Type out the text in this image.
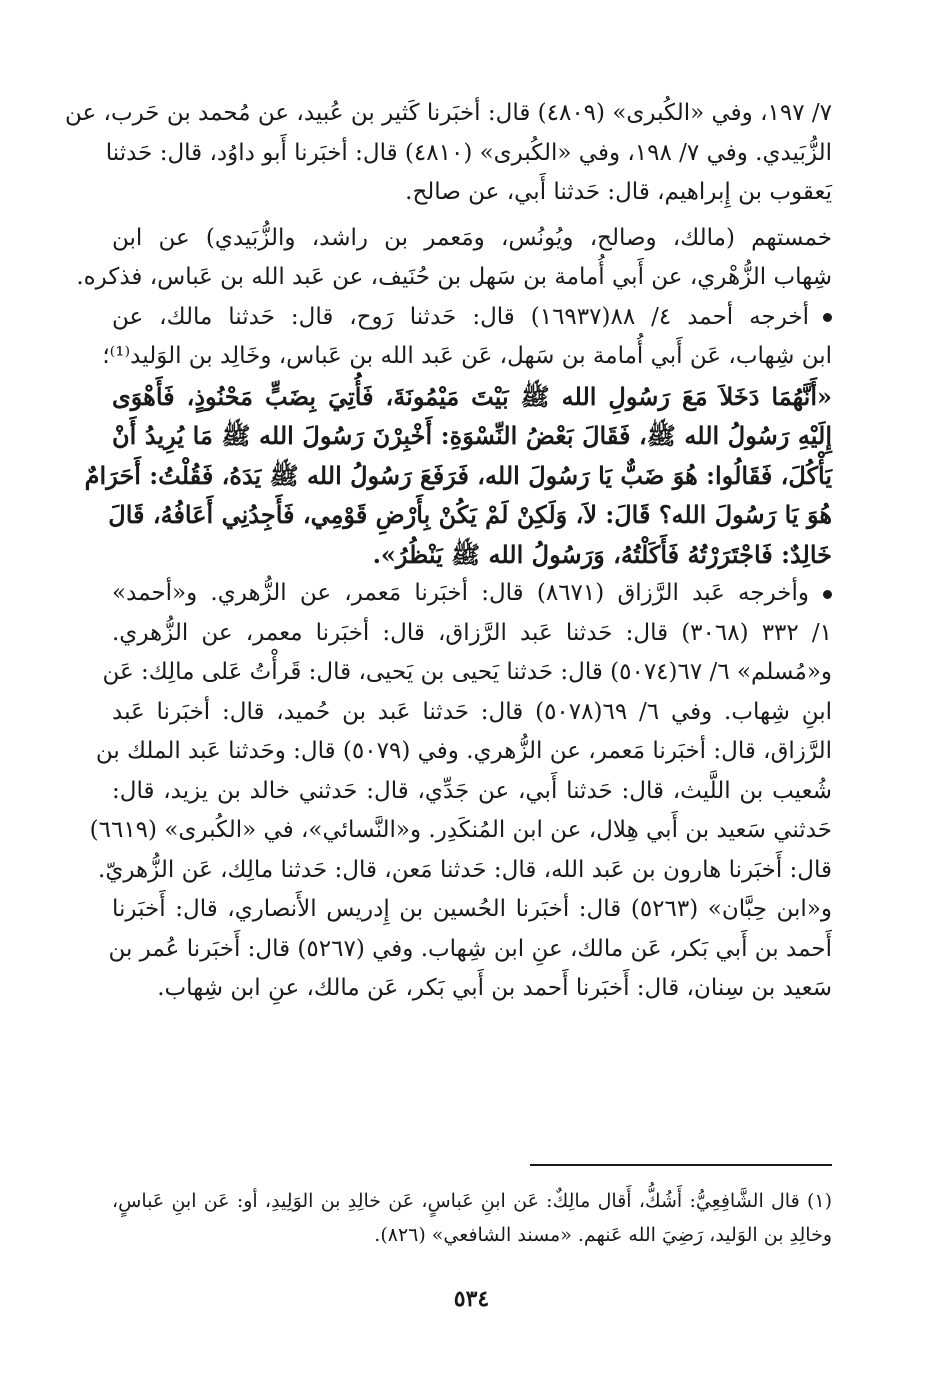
٧/ ١٩٧، وفي «الكُبرى» (٤٨٠٩) قال: أخبَرنا كَثير بن عُبيد، عن مُحمد بن حَرب، عن
الزُّبَيدي. وفي ٧/ ١٩٨، وفي «الكُبرى» (٤٨١٠) قال: أخبَرنا أَبو داوُد، قال: حَدثنا
يَعقوب بن إِبراهيم، قال: حَدثنا أَبي، عن صالح.
خمستهم (مالك، وصالح، ويُونُس، ومَعمر بن راشد، والزُّبَيدي) عن ابن
شِهاب الزُّهْري، عن أَبي أُمامة بن سَهل بن حُنَيف، عن عَبد الله بن عَباس، فذكره.
أخرجه أحمد ٤/ ٨٨(١٦٩٣٧) قال: حَدثنا رَوح، قال: حَدثنا مالك، عن
ابن شِهاب، عَن أَبي أُمامة بن سَهل، عَن عَبد الله بن عَباس، وخَالِد بن الوَليد⁽¹⁾؛
«أَنَّهُمَا دَخَلاَ مَعَ رَسُولِ الله ﷺ بَيْتَ مَيْمُونَةَ، فَأُتِيَ بِضَبٍّ مَحْنُوذٍ، فَأَهْوَى
إِلَيْهِ رَسُولُ الله ﷺ، فَقَالَ بَعْضُ النِّسْوَةِ: أَخْبِرْنَ رَسُولَ الله ﷺ مَا يُرِيدُ أَنْ
يَأْكُلَ، فَقَالُوا: هُوَ ضَبٌّ يَا رَسُولَ الله، فَرَفَعَ رَسُولُ الله ﷺ يَدَهُ، فَقُلْتُ: أَحَرَامٌ
هُوَ يَا رَسُولَ الله؟ قَالَ: لاَ، وَلَكِنْ لَمْ يَكُنْ بِأَرْضِ قَوْمِي، فَأَجِدُنِي أَعَافُهُ، قَالَ
خَالِدٌ: فَاجْتَرَرْتُهُ فَأَكَلْتُهُ، وَرَسُولُ الله ﷺ يَنْظُرُ».
وأخرجه عَبد الرَّزاق (٨٦٧١) قال: أخبَرنا مَعمر، عن الزُّهري. و«أحمد»
١/ ٣٣٢ (٣٠٦٨) قال: حَدثنا عَبد الرَّزاق، قال: أخبَرنا معمر، عن الزُّهري.
و«مُسلم» ٦/ ٦٧(٥٠٧٤) قال: حَدثنا يَحيى بن يَحيى، قال: قَرأْتُ عَلى مالِك: عَن
ابنِ شِهاب. وفي ٦/ ٦٩(٥٠٧٨) قال: حَدثنا عَبد بن حُميد، قال: أخبَرنا عَبد
الرَّزاق، قال: أخبَرنا مَعمر، عن الزُّهري. وفي (٥٠٧٩) قال: وحَدثنا عَبد الملك بن
شُعيب بن اللَّيث، قال: حَدثنا أَبي، عن جَدِّي، قال: حَدثني خالد بن يزيد، قال:
حَدثني سَعيد بن أَبي هِلال، عن ابن المُنكَدِر. و«النَّسائي»، في «الكُبرى» (٦٦١٩)
قال: أَخبَرنا هارون بن عَبد الله، قال: حَدثنا مَعن، قال: حَدثنا مالِك، عَن الزُّهريّ.
و«ابن حِبَّان» (٥٢٦٣) قال: أخبَرنا الحُسين بن إِدريس الأَنصاري، قال: أَخبَرنا
أَحمد بن أَبي بَكر، عَن مالك، عنِ ابن شِهاب. وفي (٥٢٦٧) قال: أَخبَرنا عُمر بن
سَعيد بن سِنان، قال: أَخبَرنا أَحمد بن أَبي بَكر، عَن مالك، عنِ ابن شِهاب.
(١) قال الشَّافِعِيُّ: أَشُكُّ، أَقال مالِكٌ: عَن ابنِ عَباسٍ، عَن خالِدِ بن الوَلِيدِ، أو: عَن ابنِ عَباسٍ،
وخالِدِ بن الوَليد، رَضِيَ الله عَنهم. «مسند الشافعي» (٨٢٦).
٥٣٤
